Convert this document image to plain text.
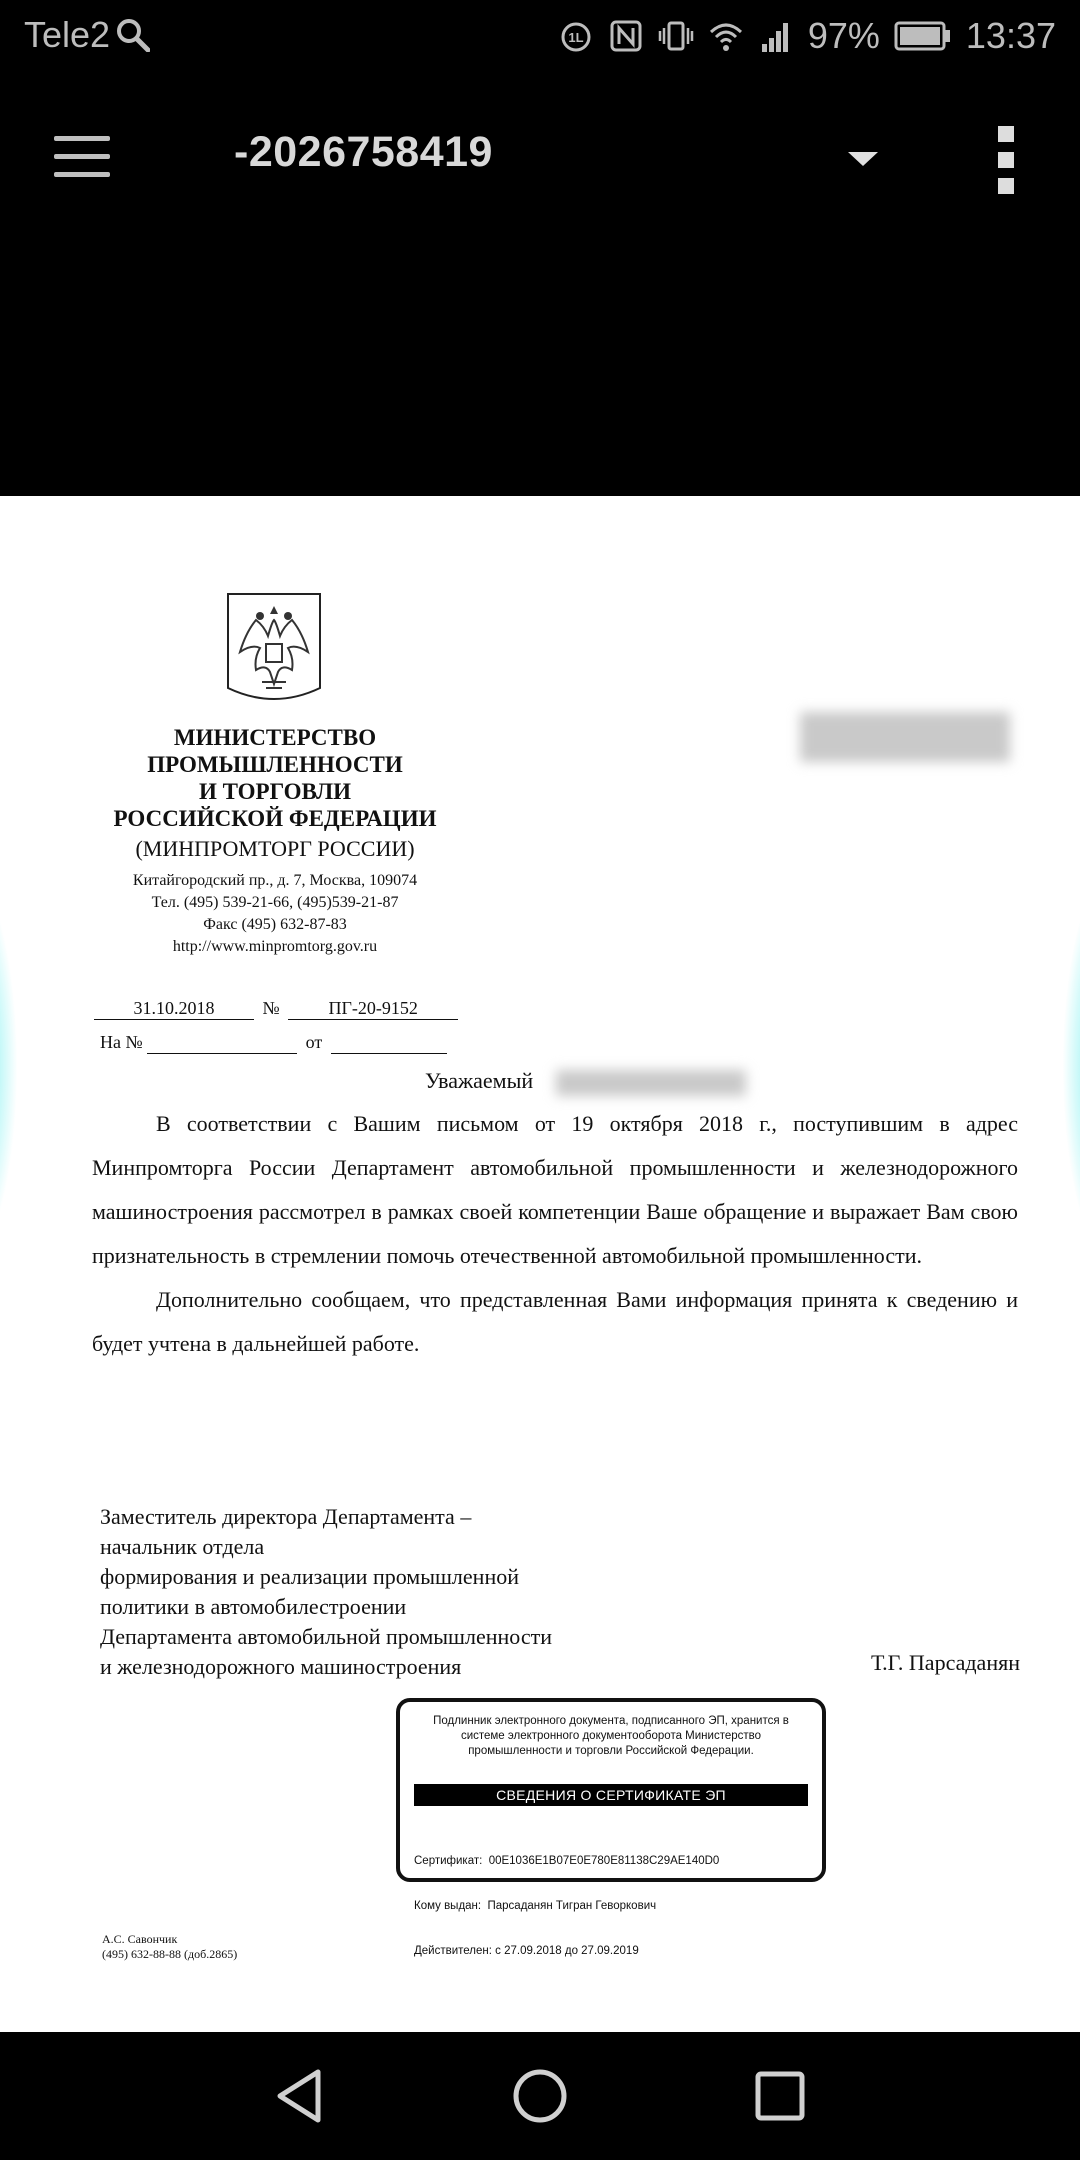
Tele2	1L	97% 13:37
-2026758419
МИНИСТЕРСТВО
ПРОМЫШЛЕННОСТИ
И ТОРГОВЛИ
РОССИЙСКОЙ ФЕДЕРАЦИИ
(МИНПРОМТОРГ РОССИИ)
Китайгородский пр., д. 7, Москва, 109074
Тел. (495) 539-21-66, (495)539-21-87
Факс (495) 632-87-83
http://www.minpromtorg.gov.ru
31.10.2018	№	ПГ-20-9152
На №	от
Уважаемый

В соответствии с Вашим письмом от 19 октября 2018 г., поступившим в адрес Минпромторга России Департамент автомобильной промышленности и железнодорожного машиностроения рассмотрел в рамках своей компетенции Ваше обращение и выражает Вам свою признательность в стремлении помочь отечественной автомобильной промышленности.

Дополнительно сообщаем, что представленная Вами информация принята к сведению и будет учтена в дальнейшей работе.

Заместитель директора Департамента –
начальник отдела
формирования и реализации промышленной
политики в автомобилестроении
Департамента автомобильной промышленности
и железнодорожного машиностроения	Т.Г. Парсаданян
Подлинник электронного документа, подписанного ЭП, хранится в системе электронного документооборота Министерство промышленности и торговли Российской Федерации.
СВЕДЕНИЯ О СЕРТИФИКАТЕ ЭП

Сертификат:  00E1036E1B07E0E780E81138C29AE140D0

Кому выдан:  Парсаданян Тигран Геворкович

Действителен: с 27.09.2018 до 27.09.2019

А.С. Савончик
(495) 632-88-88 (доб.2865)
